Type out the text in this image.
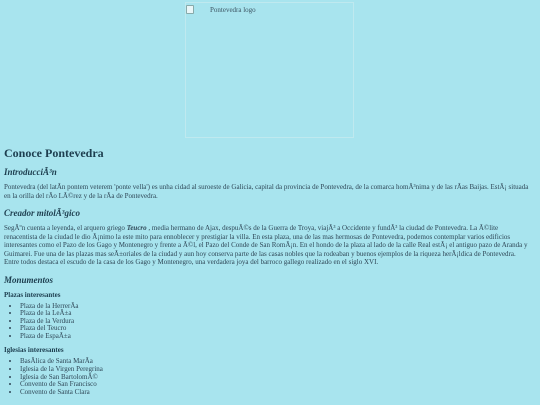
Pontevedra logo
Conoce Pontevedra
IntroducciÃ³n

Pontevedra (del latÃn pontem veterem 'ponte vella') es unha cidad al suroeste de Galicia, capital da provincia de Pontevedra, de la comarca homÃ³nima y de las rÃas Baijas. EstÃ¡ situada en la orilla del rÃo LÃ©rez y de la rÃa de Pontevedra.

Creador mitolÃ³gico

SegÃºn cuenta a leyenda, el arquero griego Teucro , media hermano de Ajax, despuÃ©s de la Guerra de Troya, viajÃ³ a Occidente y fundÃ³ la ciudad de Pontevedra. La Ã©lite renacentista de la ciudad le dio Ã¡nimo la este mito para ennoblecer y prestigiar la villa. En esta plaza, una de las mas hermosas de Pontevedra, podemos contemplar varios edificios interesantes como el Pazo de los Gago y Montenegro y frente a Ã©l, el Pazo del Conde de San RomÃ¡n. En el hondo de la plaza al lado de la calle Real estÃ¡ el antiguo pazo de Aranda y Guimarei. Fue una de las plazas mas seÃ±oriales de la ciudad y aun hoy conserva parte de las casas nobles que la rodeaban y buenos ejemplos de la riqueza herÃ¡ldica de Pontevedra. Entre todos destaca el escudo de la casa de los Gago y Montenegro, una verdadera joya del barroco gallego realizado en el siglo XVI.

Monumentos
Plazas interesantes
• Plaza de la HerrerÃa
• Plaza de la LeÃ±a
• Plaza de la Verdura
• Plaza del Teucro
• Plaza de EspaÃ±a
Iglesias interesantes
• BasÃlica de Santa MarÃa
• Iglesia de la Virgen Peregrina
• Iglesia de San BartolomÃ©
• Convento de San Francisco
• Convento de Santa Clara
